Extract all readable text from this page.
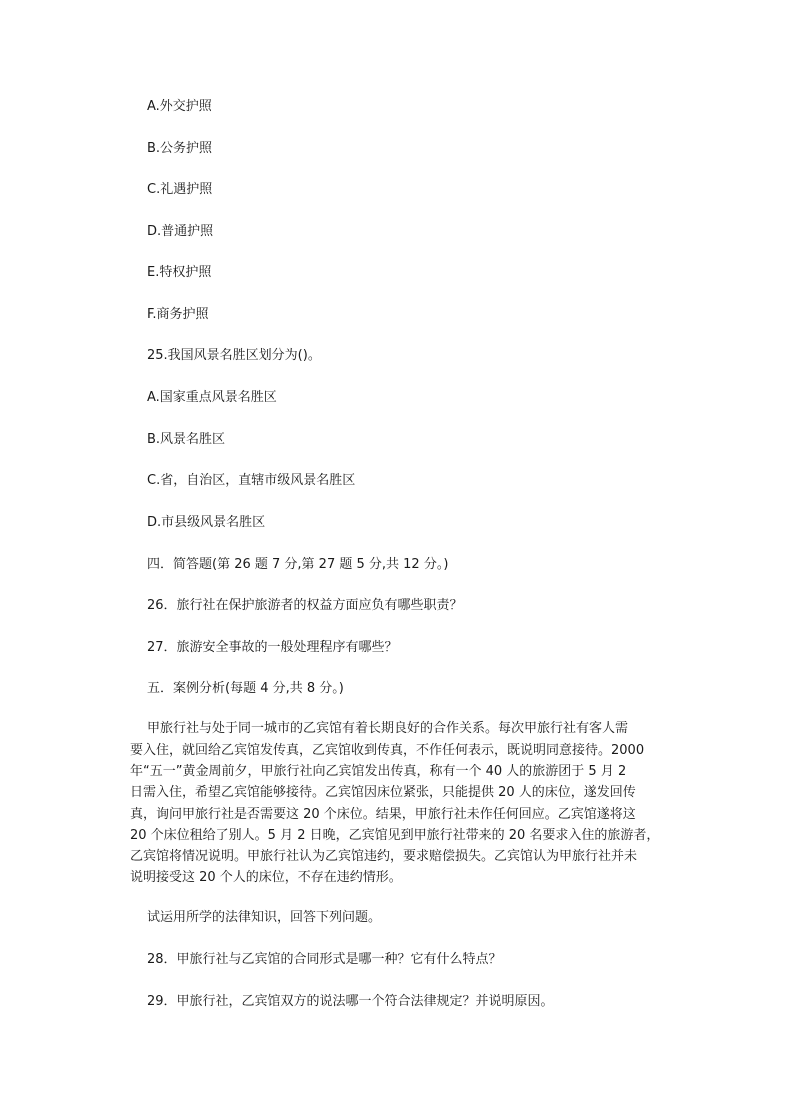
A.外交护照
B.公务护照
C.礼遇护照
D.普通护照
E.特权护照
F.商务护照
25.我国风景名胜区划分为()。
A.国家重点风景名胜区
B.风景名胜区
C.省，自治区，直辖市级风景名胜区
D.市县级风景名胜区
四．简答题(第 26 题 7 分,第 27 题 5 分,共 12 分。)
26．旅行社在保护旅游者的权益方面应负有哪些职责？
27．旅游安全事故的一般处理程序有哪些？
五．案例分析(每题 4 分,共 8 分。)
甲旅行社与处于同一城市的乙宾馆有着长期良好的合作关系。每次甲旅行社有客人需
要入住，就回给乙宾馆发传真，乙宾馆收到传真，不作任何表示，既说明同意接待。2000
年“五一”黄金周前夕，甲旅行社向乙宾馆发出传真，称有一个 40 人的旅游团于 5 月 2
日需入住，希望乙宾馆能够接待。乙宾馆因床位紧张，只能提供 20 人的床位，遂发回传
真，询问甲旅行社是否需要这 20 个床位。结果，甲旅行社未作任何回应。乙宾馆遂将这
20 个床位租给了别人。5 月 2 日晚，乙宾馆见到甲旅行社带来的 20 名要求入住的旅游者，
乙宾馆将情况说明。甲旅行社认为乙宾馆违约，要求赔偿损失。乙宾馆认为甲旅行社并未
说明接受这 20 个人的床位，不存在违约情形。
试运用所学的法律知识，回答下列问题。
28．甲旅行社与乙宾馆的合同形式是哪一种？它有什么特点？
29．甲旅行社，乙宾馆双方的说法哪一个符合法律规定？并说明原因。
